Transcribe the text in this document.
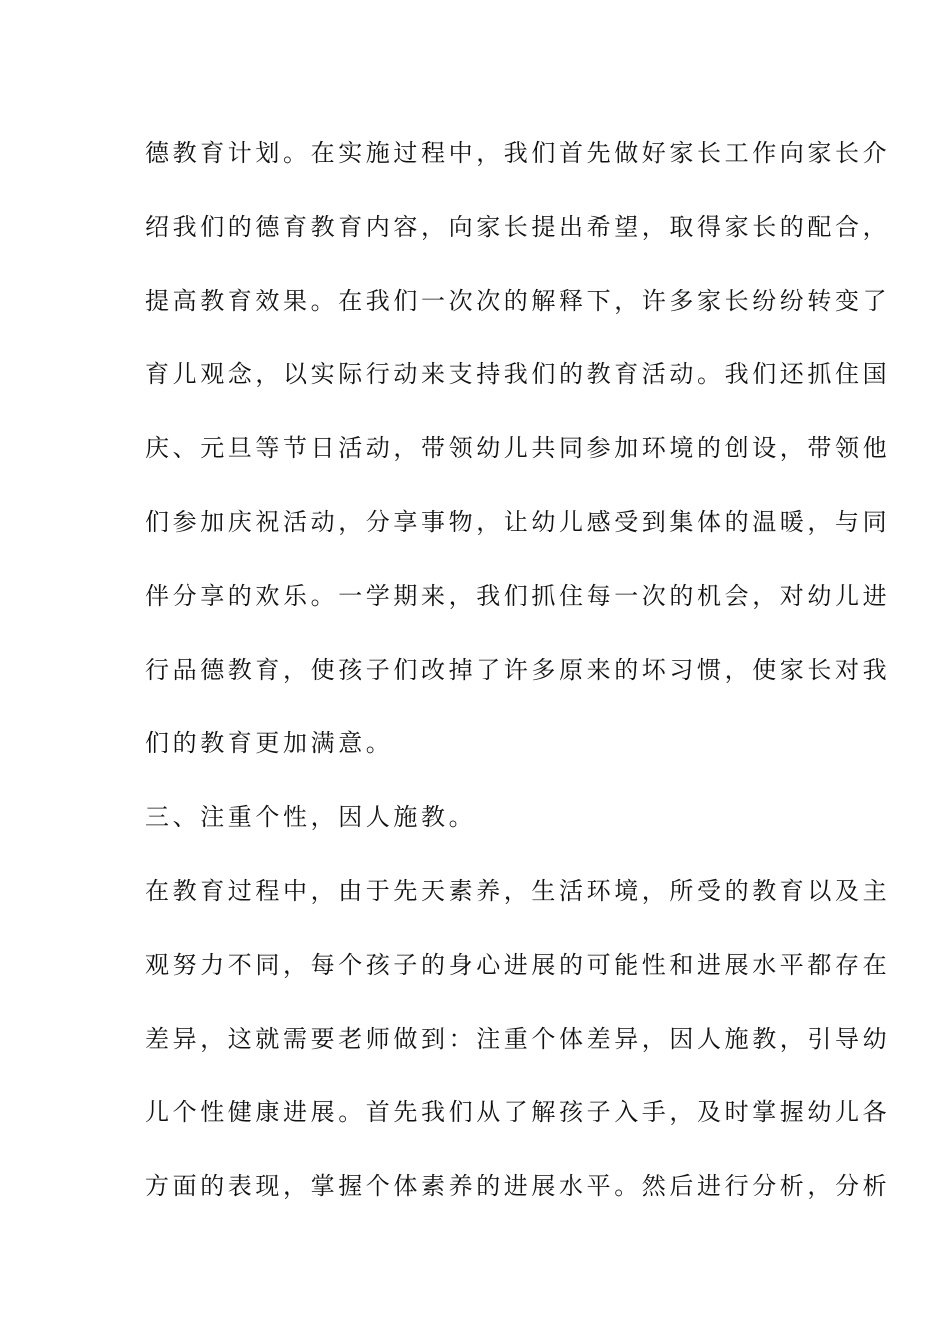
德教育计划。在实施过程中，我们首先做好家长工作向家长介
绍我们的德育教育内容，向家长提出希望，取得家长的配合，
提高教育效果。在我们一次次的解释下，许多家长纷纷转变了
育儿观念，以实际行动来支持我们的教育活动。我们还抓住国
庆、元旦等节日活动，带领幼儿共同参加环境的创设，带领他
们参加庆祝活动，分享事物，让幼儿感受到集体的温暖，与同
伴分享的欢乐。一学期来，我们抓住每一次的机会，对幼儿进
行品德教育，使孩子们改掉了许多原来的坏习惯，使家长对我
们的教育更加满意。
三、注重个性，因人施教。
在教育过程中，由于先天素养，生活环境，所受的教育以及主
观努力不同，每个孩子的身心进展的可能性和进展水平都存在
差异，这就需要老师做到：注重个体差异，因人施教，引导幼
儿个性健康进展。首先我们从了解孩子入手，及时掌握幼儿各
方面的表现，掌握个体素养的进展水平。然后进行分析，分析
